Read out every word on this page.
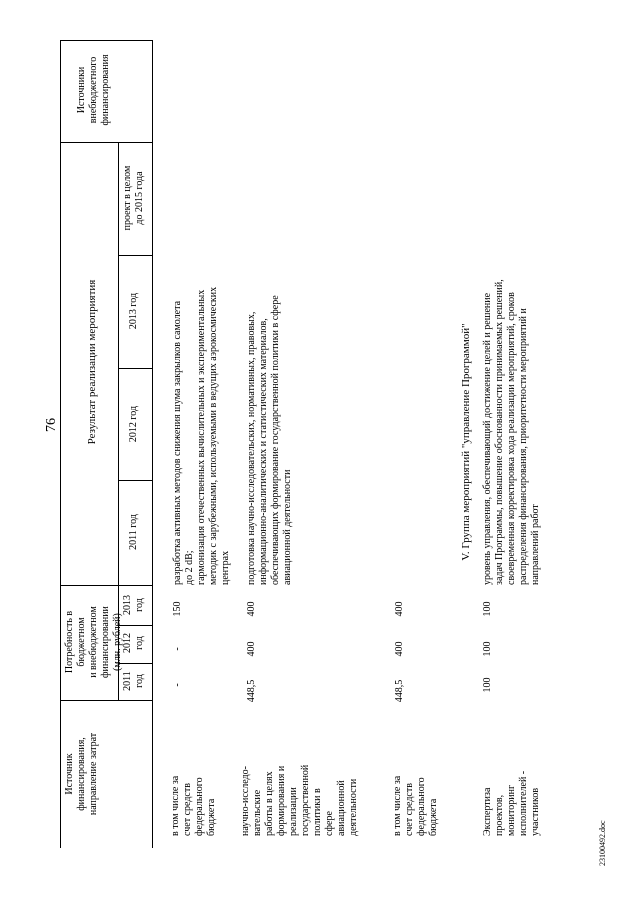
76
Источник
финансирования,
направление затрат
Потребность в бюджетном
и внебюджетном
финансировании
(млн. рублей)
2011
год
2012
год
2013
год
Результат реализации мероприятия
2011 год
2012 год
2013 год
проект в целом
до 2015 года
Источники
внебюджетного
финансирования
в том числе за
счет средств
федерального
бюджета
-
-
150
разработка активных методов снижения шума закрылков самолета
до 2 dB;
гармонизация отечественных вычислительных и экспериментальных
методик с зарубежными, используемыми в ведущих аэрокосмических
центрах
научно-исследо-
вательские
работы в целях
формирования и
реализации
государственной
политики в
сфере
авиационной
деятельности
448,5
400
400
подготовка научно-исследовательских, нормативных, правовых,
информационно-аналитических и статистических материалов,
обеспечивающих формирование государственной политики в сфере
авиационной деятельности
в том числе за
счет средств
федерального
бюджета
448,5
400
400
V. Группа мероприятий "управление Программой"
Экспертиза
проектов,
мониторинг
исполнителей -
участников
100
100
100
уровень управления, обеспечивающий достижение целей и решение
задач Программы, повышение обоснованности принимаемых решений,
своевременная корректировка хода реализации мероприятий, сроков
распределения финансирования, приоритетности мероприятий и
направлений работ
23100492.doc
